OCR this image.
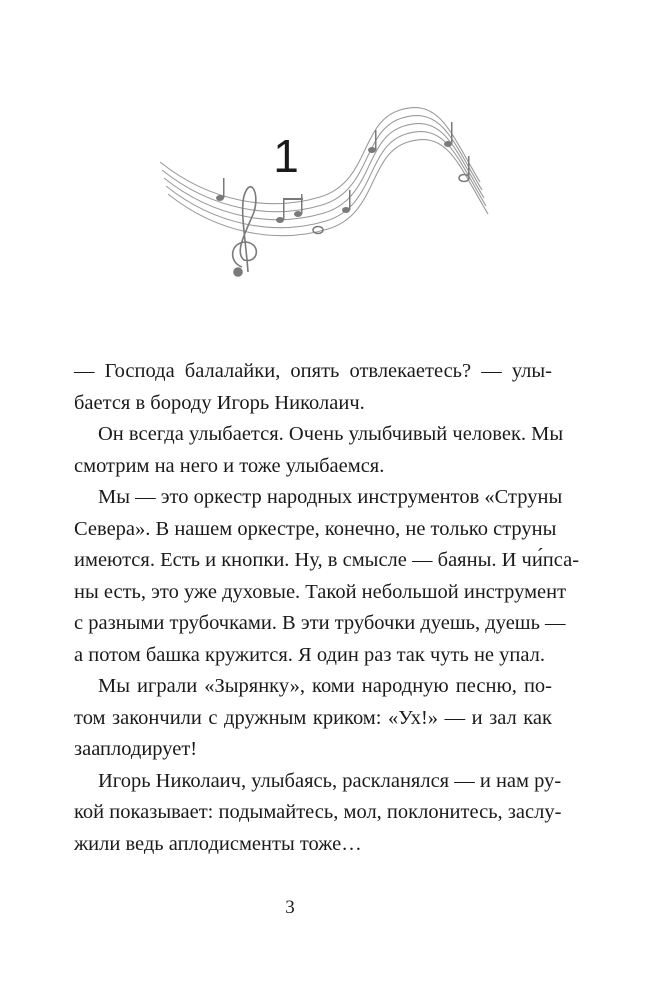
1
— Господа балалайки, опять отвлекаетесь? — улы-
бается в бороду Игорь Николаич.
Он всегда улыбается. Очень улыбчивый человек. Мы
смотрим на него и тоже улыбаемся.
Мы — это оркестр народных инструментов «Струны
Севера». В нашем оркестре, конечно, не только струны
имеются. Есть и кнопки. Ну, в смысле — баяны. И чи́пса-
ны есть, это уже духовые. Такой небольшой инструмент
с разными трубочками. В эти трубочки дуешь, дуешь —
а потом башка кружится. Я один раз так чуть не упал.
Мы играли «Зырянку», коми народную песню, по-
том закончили с дружным криком: «Ух!» — и зал как
зааплодирует!
Игорь Николаич, улыбаясь, раскланялся — и нам ру-
кой показывает: подымайтесь, мол, поклонитесь, заслу-
жили ведь аплодисменты тоже…
3
